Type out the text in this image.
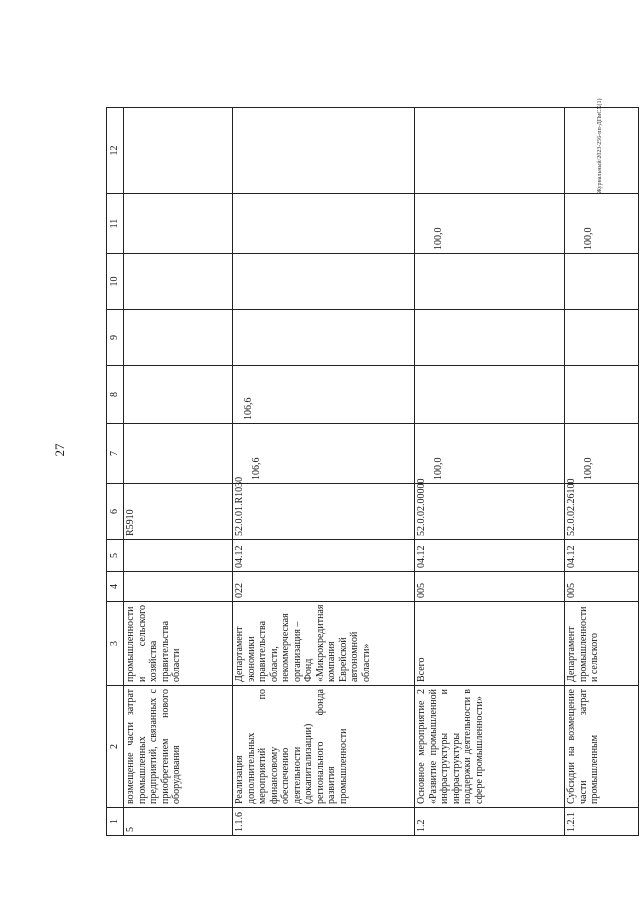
27
Журнальный/2023-256-пп-ДПиСХ(1)
1	2	3	4	5	6	7	8	9	10	11	12
5	возмещение части затрат промышленных предприятий, связанных с приобретением нового оборудования	промышленности и сельского хозяйства правительства области			R5910						
1.1.6	Реализация дополнительных мероприятий по финансовому обеспечению деятельности (докапитализации) регионального фонда развития промышленности	Департамент экономики правительства области, некоммерческая организация – Фонд «Микрокредитная компания Еврейской автономной области»	022	04.12	52.0.01.R1030	106,6	106,6				
1.2	Основное мероприятие 2 «Развитие промышленной инфраструктуры и инфраструктуры поддержки деятельности в сфере промышленности»	Всего	005	04.12	52.0.02.00000	100,0				100,0	
1.2.1	Субсидии на возмещение части затрат промышленным	Департамент промышленности и сельского	005	04.12	52.0.02.26100	100,0				100,0	
